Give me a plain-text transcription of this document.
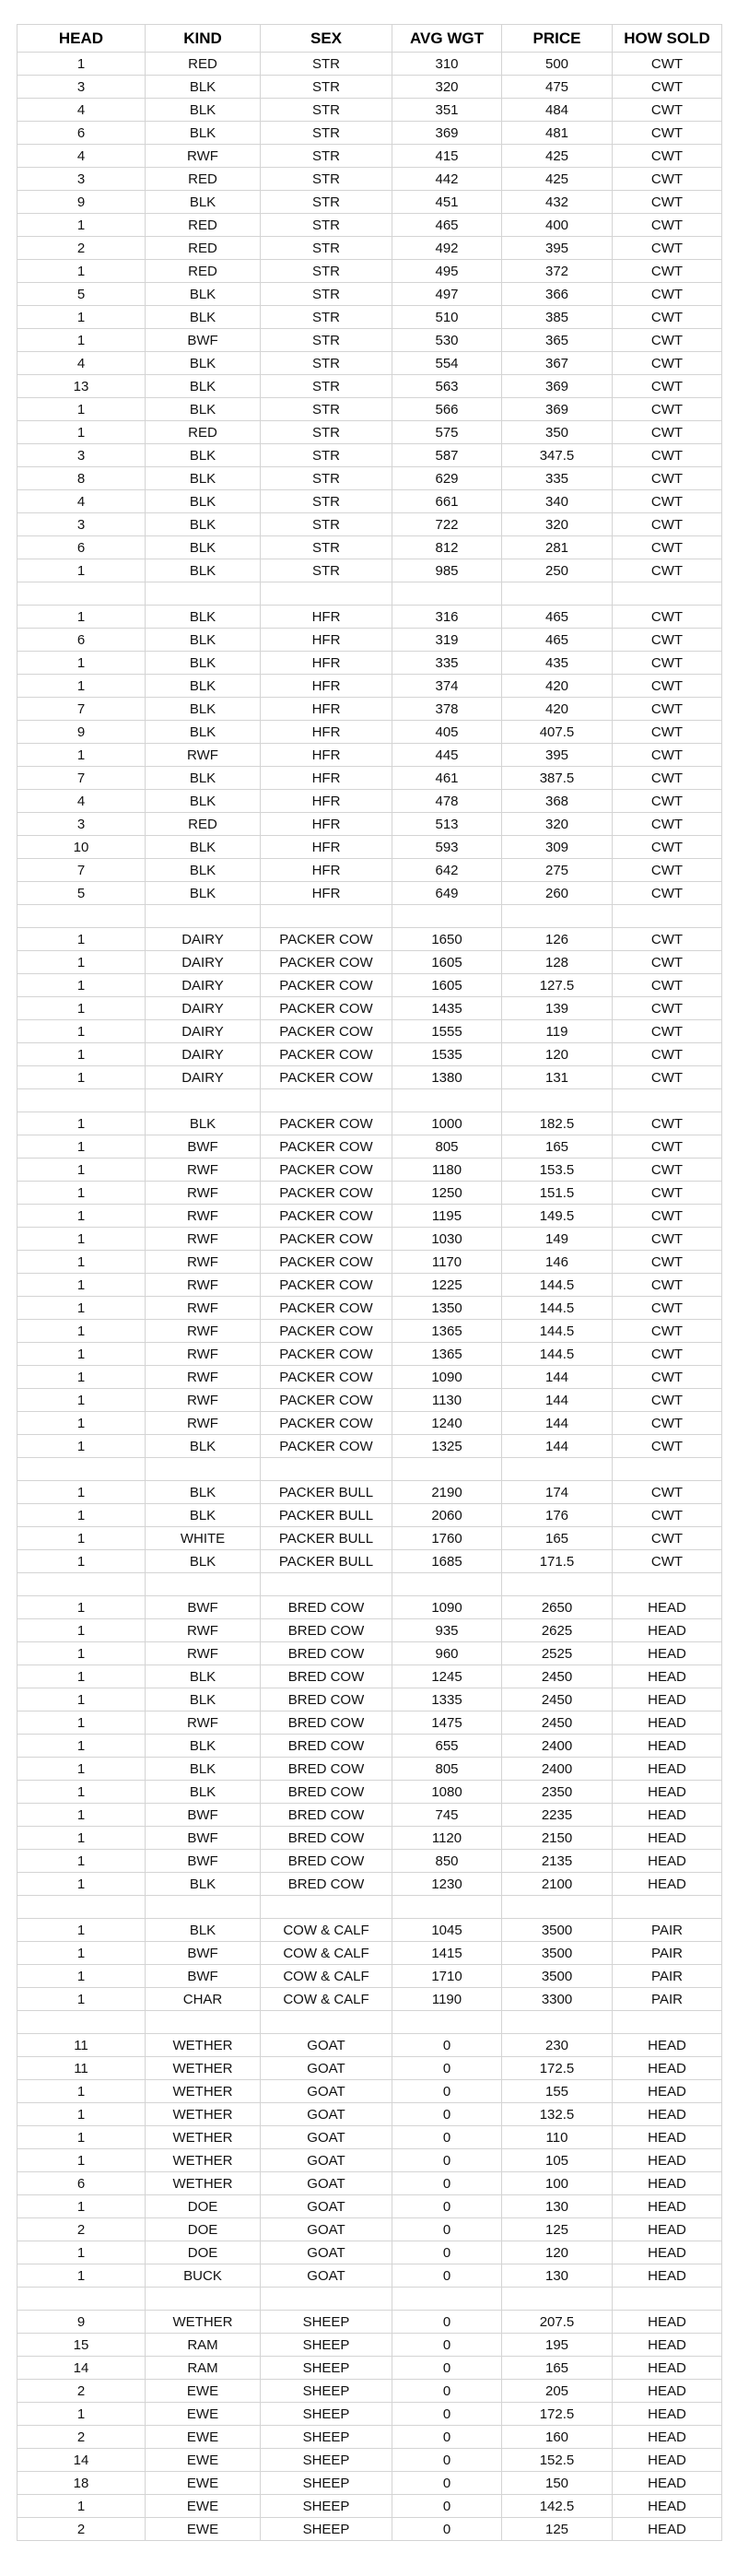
HEAD	KIND	SEX	AVG WGT	PRICE	HOW SOLD
1	RED	STR	310	500	CWT
3	BLK	STR	320	475	CWT
4	BLK	STR	351	484	CWT
6	BLK	STR	369	481	CWT
4	RWF	STR	415	425	CWT
3	RED	STR	442	425	CWT
9	BLK	STR	451	432	CWT
1	RED	STR	465	400	CWT
2	RED	STR	492	395	CWT
1	RED	STR	495	372	CWT
5	BLK	STR	497	366	CWT
1	BLK	STR	510	385	CWT
1	BWF	STR	530	365	CWT
4	BLK	STR	554	367	CWT
13	BLK	STR	563	369	CWT
1	BLK	STR	566	369	CWT
1	RED	STR	575	350	CWT
3	BLK	STR	587	347.5	CWT
8	BLK	STR	629	335	CWT
4	BLK	STR	661	340	CWT
3	BLK	STR	722	320	CWT
6	BLK	STR	812	281	CWT
1	BLK	STR	985	250	CWT

1	BLK	HFR	316	465	CWT
6	BLK	HFR	319	465	CWT
1	BLK	HFR	335	435	CWT
1	BLK	HFR	374	420	CWT
7	BLK	HFR	378	420	CWT
9	BLK	HFR	405	407.5	CWT
1	RWF	HFR	445	395	CWT
7	BLK	HFR	461	387.5	CWT
4	BLK	HFR	478	368	CWT
3	RED	HFR	513	320	CWT
10	BLK	HFR	593	309	CWT
7	BLK	HFR	642	275	CWT
5	BLK	HFR	649	260	CWT

1	DAIRY	PACKER COW	1650	126	CWT
1	DAIRY	PACKER COW	1605	128	CWT
1	DAIRY	PACKER COW	1605	127.5	CWT
1	DAIRY	PACKER COW	1435	139	CWT
1	DAIRY	PACKER COW	1555	119	CWT
1	DAIRY	PACKER COW	1535	120	CWT
1	DAIRY	PACKER COW	1380	131	CWT

1	BLK	PACKER COW	1000	182.5	CWT
1	BWF	PACKER COW	805	165	CWT
1	RWF	PACKER COW	1180	153.5	CWT
1	RWF	PACKER COW	1250	151.5	CWT
1	RWF	PACKER COW	1195	149.5	CWT
1	RWF	PACKER COW	1030	149	CWT
1	RWF	PACKER COW	1170	146	CWT
1	RWF	PACKER COW	1225	144.5	CWT
1	RWF	PACKER COW	1350	144.5	CWT
1	RWF	PACKER COW	1365	144.5	CWT
1	RWF	PACKER COW	1365	144.5	CWT
1	RWF	PACKER COW	1090	144	CWT
1	RWF	PACKER COW	1130	144	CWT
1	RWF	PACKER COW	1240	144	CWT
1	BLK	PACKER COW	1325	144	CWT

1	BLK	PACKER BULL	2190	174	CWT
1	BLK	PACKER BULL	2060	176	CWT
1	WHITE	PACKER BULL	1760	165	CWT
1	BLK	PACKER BULL	1685	171.5	CWT

1	BWF	BRED COW	1090	2650	HEAD
1	RWF	BRED COW	935	2625	HEAD
1	RWF	BRED COW	960	2525	HEAD
1	BLK	BRED COW	1245	2450	HEAD
1	BLK	BRED COW	1335	2450	HEAD
1	RWF	BRED COW	1475	2450	HEAD
1	BLK	BRED COW	655	2400	HEAD
1	BLK	BRED COW	805	2400	HEAD
1	BLK	BRED COW	1080	2350	HEAD
1	BWF	BRED COW	745	2235	HEAD
1	BWF	BRED COW	1120	2150	HEAD
1	BWF	BRED COW	850	2135	HEAD
1	BLK	BRED COW	1230	2100	HEAD

1	BLK	COW & CALF	1045	3500	PAIR
1	BWF	COW & CALF	1415	3500	PAIR
1	BWF	COW & CALF	1710	3500	PAIR
1	CHAR	COW & CALF	1190	3300	PAIR

11	WETHER	GOAT	0	230	HEAD
11	WETHER	GOAT	0	172.5	HEAD
1	WETHER	GOAT	0	155	HEAD
1	WETHER	GOAT	0	132.5	HEAD
1	WETHER	GOAT	0	110	HEAD
1	WETHER	GOAT	0	105	HEAD
6	WETHER	GOAT	0	100	HEAD
1	DOE	GOAT	0	130	HEAD
2	DOE	GOAT	0	125	HEAD
1	DOE	GOAT	0	120	HEAD
1	BUCK	GOAT	0	130	HEAD

9	WETHER	SHEEP	0	207.5	HEAD
15	RAM	SHEEP	0	195	HEAD
14	RAM	SHEEP	0	165	HEAD
2	EWE	SHEEP	0	205	HEAD
1	EWE	SHEEP	0	172.5	HEAD
2	EWE	SHEEP	0	160	HEAD
14	EWE	SHEEP	0	152.5	HEAD
18	EWE	SHEEP	0	150	HEAD
1	EWE	SHEEP	0	142.5	HEAD
2	EWE	SHEEP	0	125	HEAD
